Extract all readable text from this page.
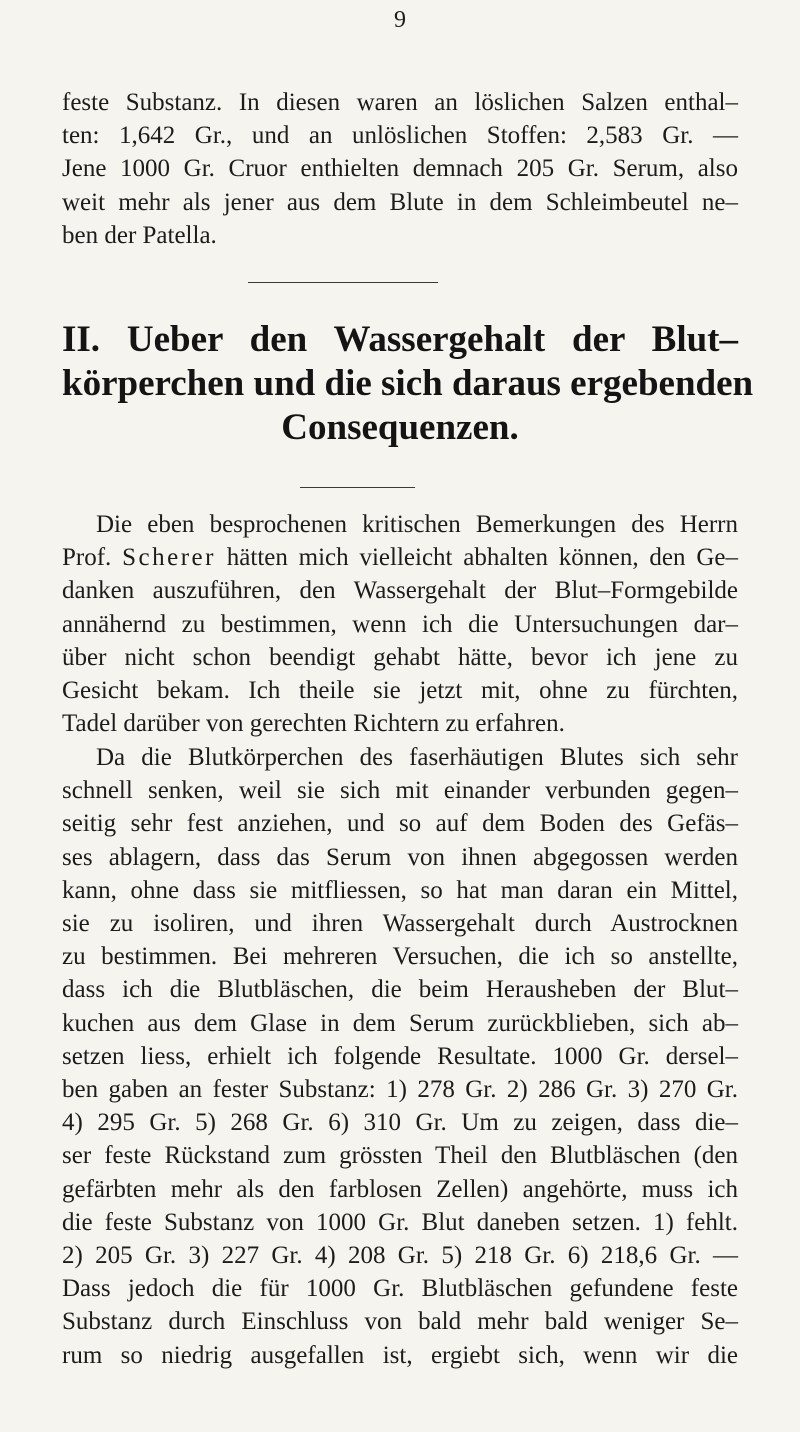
9
feste Substanz. In diesen waren an löslichen Salzen enthal–
ten: 1,642 Gr., und an unlöslichen Stoffen: 2,583 Gr. —
Jene 1000 Gr. Cruor enthielten demnach 205 Gr. Serum, also
weit mehr als jener aus dem Blute in dem Schleimbeutel ne–
ben der Patella.
II. Ueber den Wassergehalt der Blut–
körperchen und die sich daraus ergebenden
Consequenzen.
Die eben besprochenen kritischen Bemerkungen des Herrn
Prof. Scherer hätten mich vielleicht abhalten können, den Ge–
danken auszuführen, den Wassergehalt der Blut–Formgebilde
annähernd zu bestimmen, wenn ich die Untersuchungen dar–
über nicht schon beendigt gehabt hätte, bevor ich jene zu
Gesicht bekam. Ich theile sie jetzt mit, ohne zu fürchten,
Tadel darüber von gerechten Richtern zu erfahren.
Da die Blutkörperchen des faserhäutigen Blutes sich sehr
schnell senken, weil sie sich mit einander verbunden gegen–
seitig sehr fest anziehen, und so auf dem Boden des Gefäs–
ses ablagern, dass das Serum von ihnen abgegossen werden
kann, ohne dass sie mitfliessen, so hat man daran ein Mittel,
sie zu isoliren, und ihren Wassergehalt durch Austrocknen
zu bestimmen. Bei mehreren Versuchen, die ich so anstellte,
dass ich die Blutbläschen, die beim Herausheben der Blut–
kuchen aus dem Glase in dem Serum zurückblieben, sich ab–
setzen liess, erhielt ich folgende Resultate. 1000 Gr. dersel–
ben gaben an fester Substanz: 1) 278 Gr. 2) 286 Gr. 3) 270 Gr.
4) 295 Gr. 5) 268 Gr. 6) 310 Gr. Um zu zeigen, dass die–
ser feste Rückstand zum grössten Theil den Blutbläschen (den
gefärbten mehr als den farblosen Zellen) angehörte, muss ich
die feste Substanz von 1000 Gr. Blut daneben setzen. 1) fehlt.
2) 205 Gr. 3) 227 Gr. 4) 208 Gr. 5) 218 Gr. 6) 218,6 Gr. —
Dass jedoch die für 1000 Gr. Blutbläschen gefundene feste
Substanz durch Einschluss von bald mehr bald weniger Se–
rum so niedrig ausgefallen ist, ergiebt sich, wenn wir die
